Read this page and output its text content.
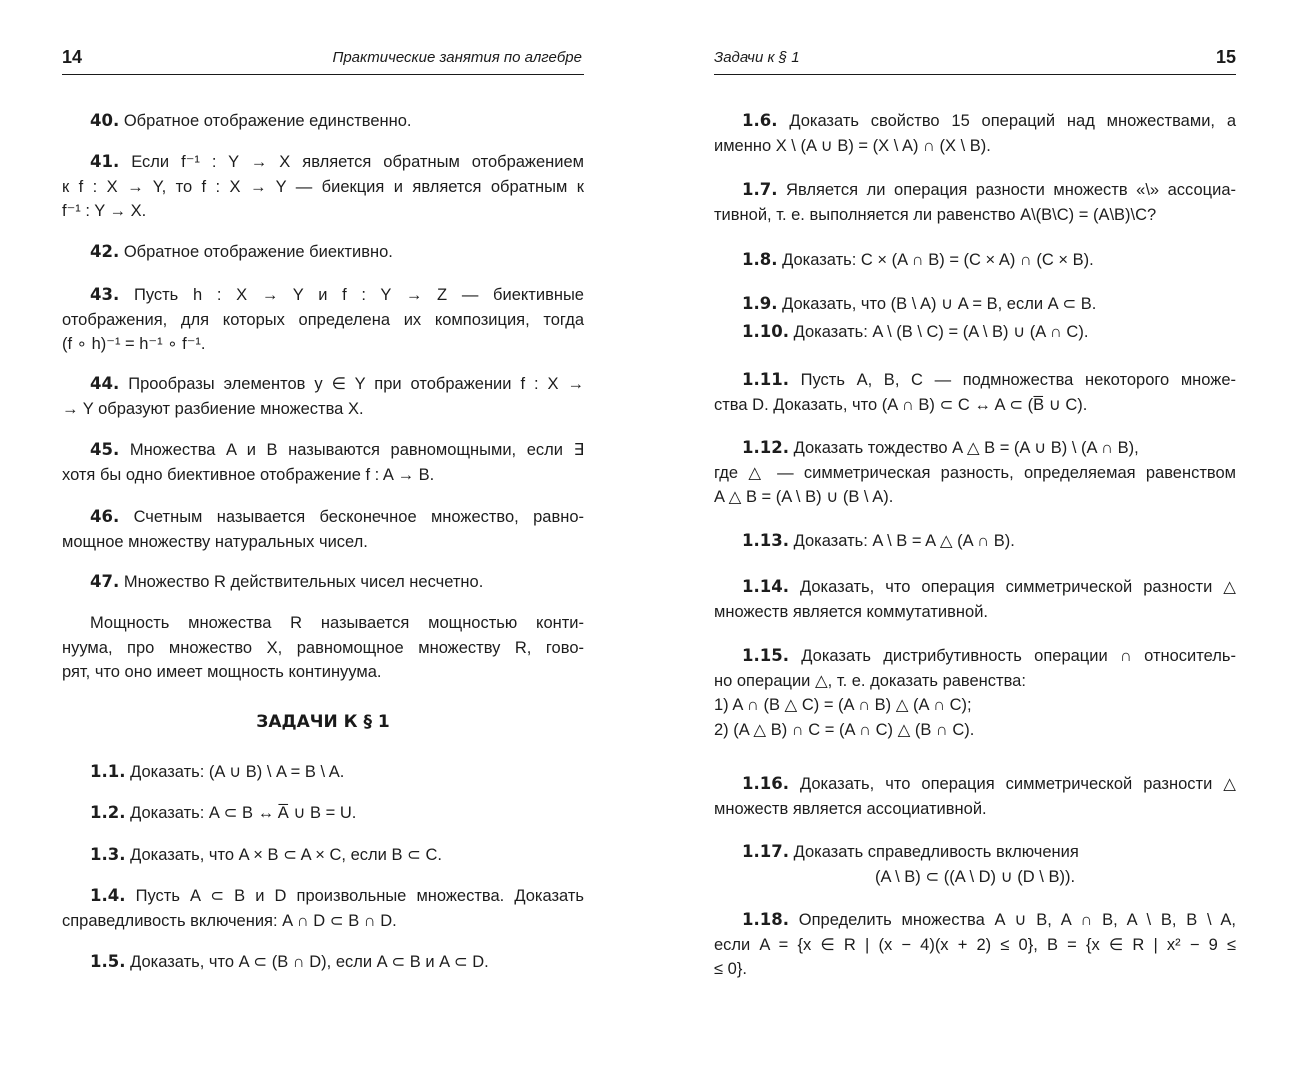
14	Практические занятия по алгебре
40. Обратное отображение единственно.
41. Если f⁻¹ : Y → X является обратным отображением
к f : X → Y, то f : X → Y — биекция и является обратным к
f⁻¹ : Y → X.
42. Обратное отображение биективно.
43. Пусть h : X → Y и f : Y → Z — биективные
отображения, для которых определена их композиция, тогда
(f ∘ h)⁻¹ = h⁻¹ ∘ f⁻¹.
44. Прообразы элементов y ∈ Y при отображении f : X →
→ Y образуют разбиение множества X.
45. Множества A и B называются равномощными, если ∃
хотя бы одно биективное отображение f : A → B.
46. Счетным называется бесконечное множество, равно-
мощное множеству натуральных чисел.
47. Множество R действительных чисел несчетно.
Мощность множества R называется мощностью конти-
нуума, про множество X, равномощное множеству R, гово-
рят, что оно имеет мощность континуума.
ЗАДАЧИ К § 1
1.1. Доказать: (A ∪ B) \ A = B \ A.
1.2. Доказать: A ⊂ B ↔ A̅ ∪ B = U.
1.3. Доказать, что A × B ⊂ A × C, если B ⊂ C.
1.4. Пусть A ⊂ B и D произвольные множества. Доказать
справедливость включения: A ∩ D ⊂ B ∩ D.
1.5. Доказать, что A ⊂ (B ∩ D), если A ⊂ B и A ⊂ D.
Задачи к § 1	15
1.6. Доказать свойство 15 операций над множествами, а
именно X \ (A ∪ B) = (X \ A) ∩ (X \ B).
1.7. Является ли операция разности множеств «\» ассоциа-
тивной, т. е. выполняется ли равенство A\(B\C) = (A\B)\C?
1.8. Доказать: C × (A ∩ B) = (C × A) ∩ (C × B).
1.9. Доказать, что (B \ A) ∪ A = B, если A ⊂ B.
1.10. Доказать: A \ (B \ C) = (A \ B) ∪ (A ∩ C).
1.11. Пусть A, B, C — подмножества некоторого множе-
ства D. Доказать, что (A ∩ B) ⊂ C ↔ A ⊂ (B̅ ∪ C).
1.12. Доказать тождество A △ B = (A ∪ B) \ (A ∩ B),
где △ — симметрическая разность, определяемая равенством
A △ B = (A \ B) ∪ (B \ A).
1.13. Доказать: A \ B = A △ (A ∩ B).
1.14. Доказать, что операция симметрической разности △
множеств является коммутативной.
1.15. Доказать дистрибутивность операции ∩ относитель-
но операции △, т. е. доказать равенства:
1) A ∩ (B △ C) = (A ∩ B) △ (A ∩ C);
2) (A △ B) ∩ C = (A ∩ C) △ (B ∩ C).
1.16. Доказать, что операция симметрической разности △
множеств является ассоциативной.
1.17. Доказать справедливость включения
(A \ B) ⊂ ((A \ D) ∪ (D \ B)).
1.18. Определить множества A ∪ B, A ∩ B, A \ B, B \ A,
если A = {x ∈ R | (x − 4)(x + 2) ≤ 0}, B = {x ∈ R | x² − 9 ≤
≤ 0}.
